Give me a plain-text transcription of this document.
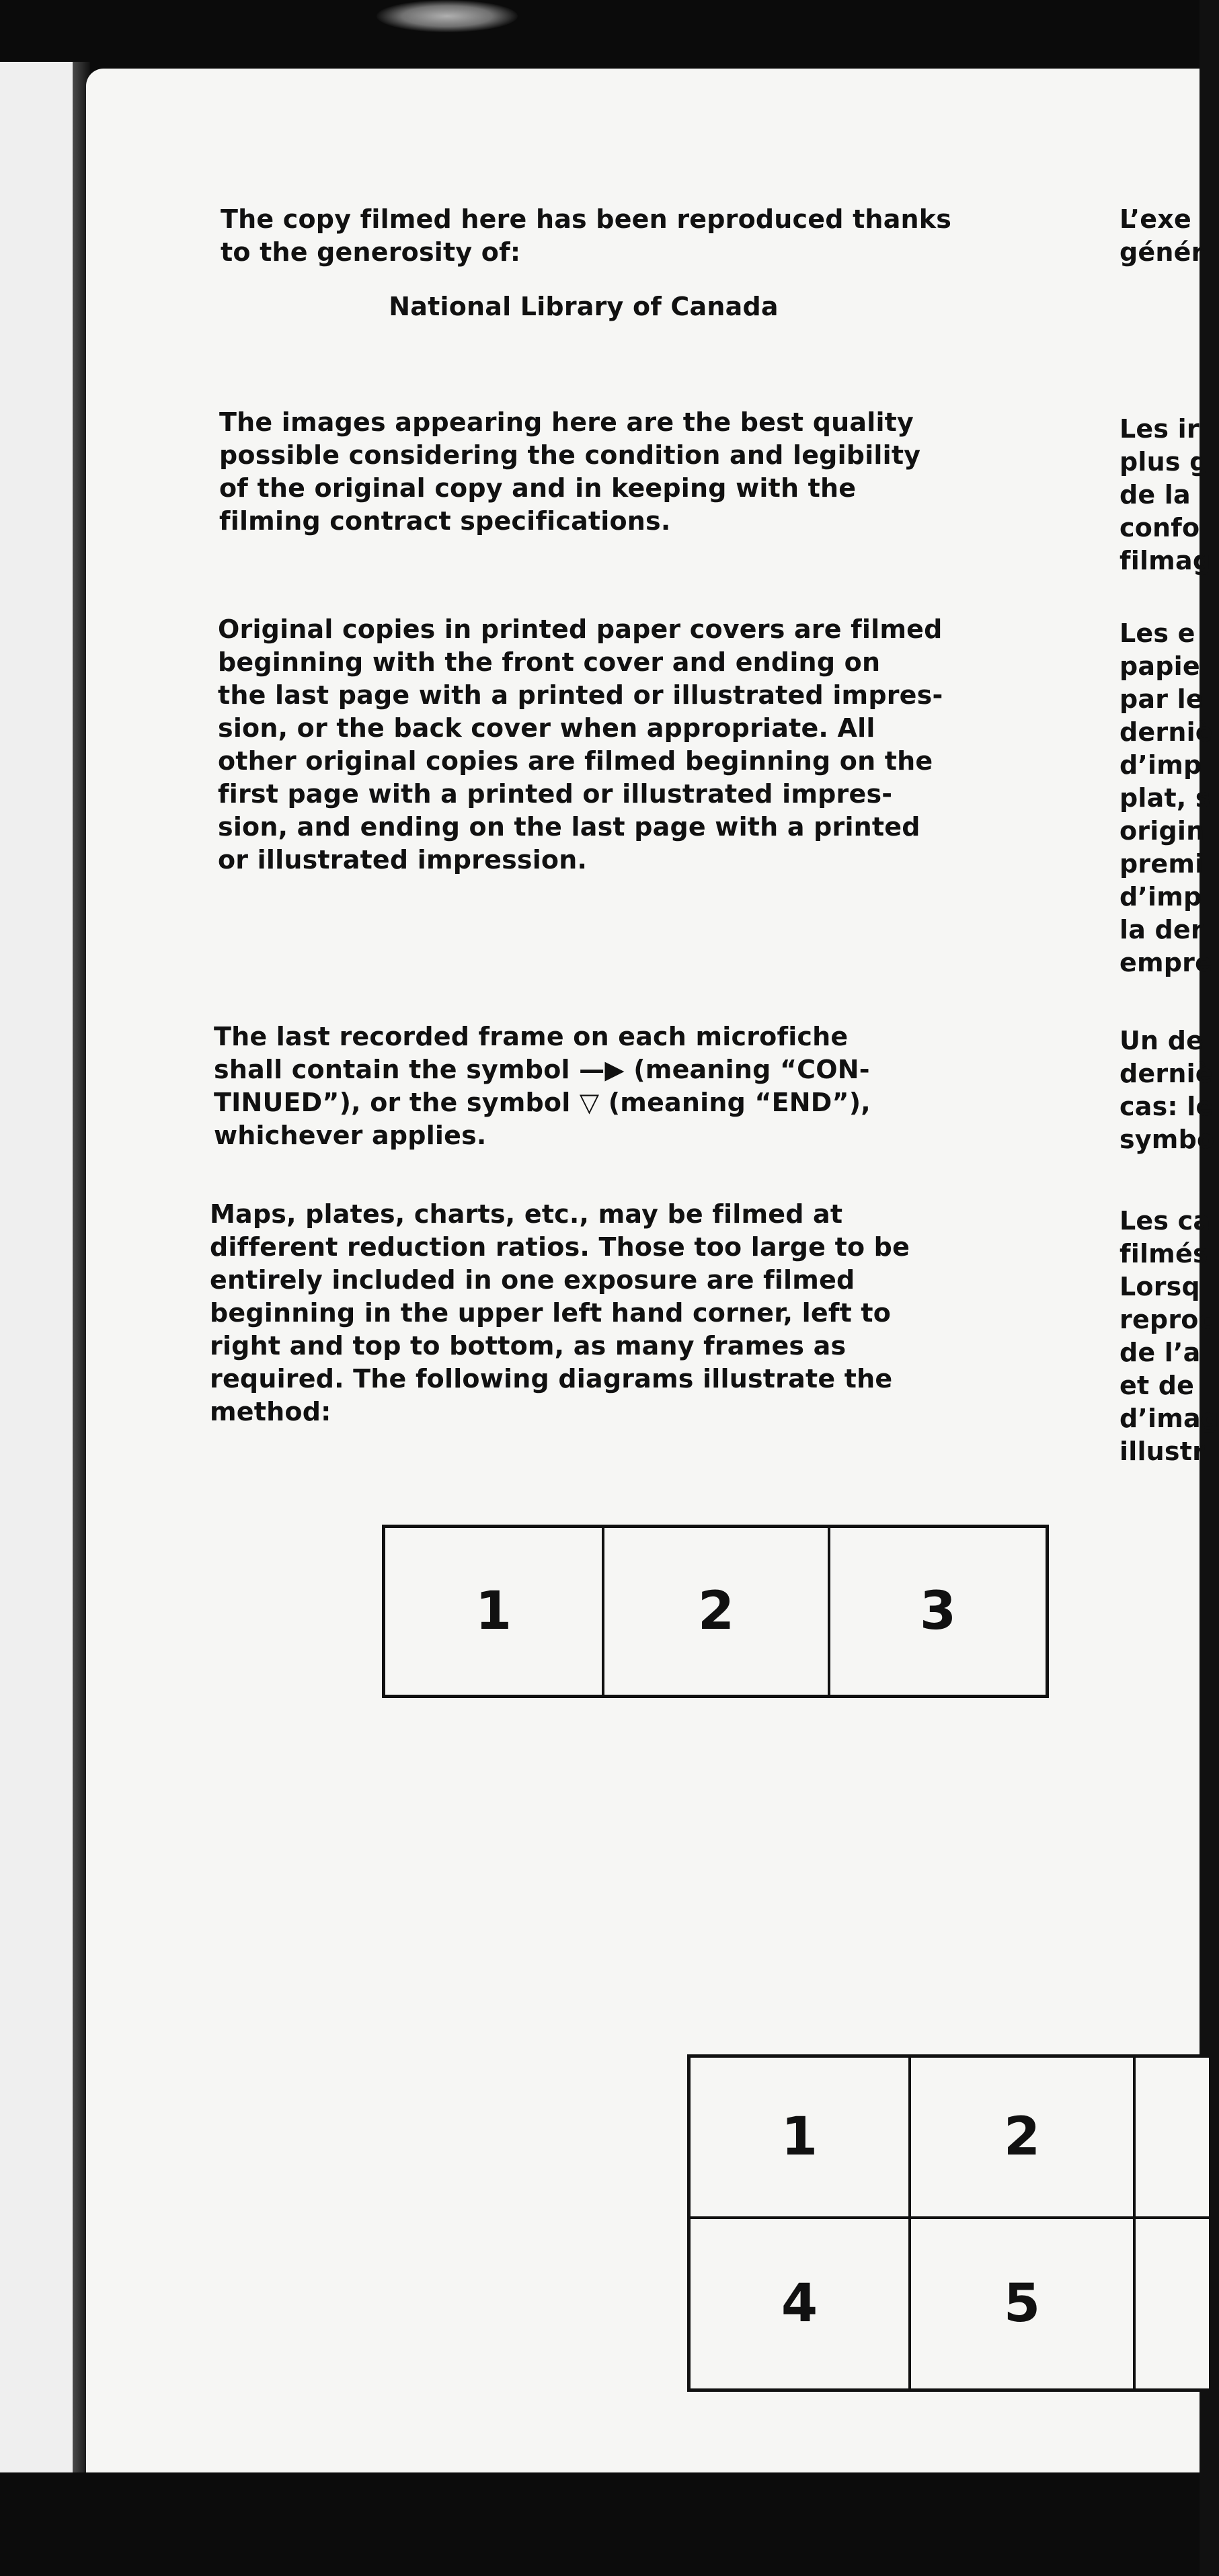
The copy filmed here has been reproduced thanks
to the generosity of:

National Library of Canada

The images appearing here are the best quality
possible considering the condition and legibility
of the original copy and in keeping with the
filming contract specifications.

Original copies in printed paper covers are filmed
beginning with the front cover and ending on
the last page with a printed or illustrated impres-
sion, or the back cover when appropriate. All
other original copies are filmed beginning on the
first page with a printed or illustrated impres-
sion, and ending on the last page with a printed
or illustrated impression.

The last recorded frame on each microfiche
shall contain the symbol —▶ (meaning “CON-
TINUED”), or the symbol ▽ (meaning “END”),
whichever applies.

Maps, plates, charts, etc., may be filmed at
different reduction ratios. Those too large to be
entirely included in one exposure are filmed
beginning in the upper left hand corner, left to
right and top to bottom, as many frames as
required. The following diagrams illustrate the
method:

L’exe
génér

Les ir
plus g
de la
confo
filmag

Les e
papie
par le
derniè
d’imp
plat, s
origin
premi
d’imp
la der
empre

Un de
derniè
cas: le
symbo

Les ca
filmés
Lorsq
reproc
de l’a
et de
d’imag
illustr

1	2	3
1	2
4	5
